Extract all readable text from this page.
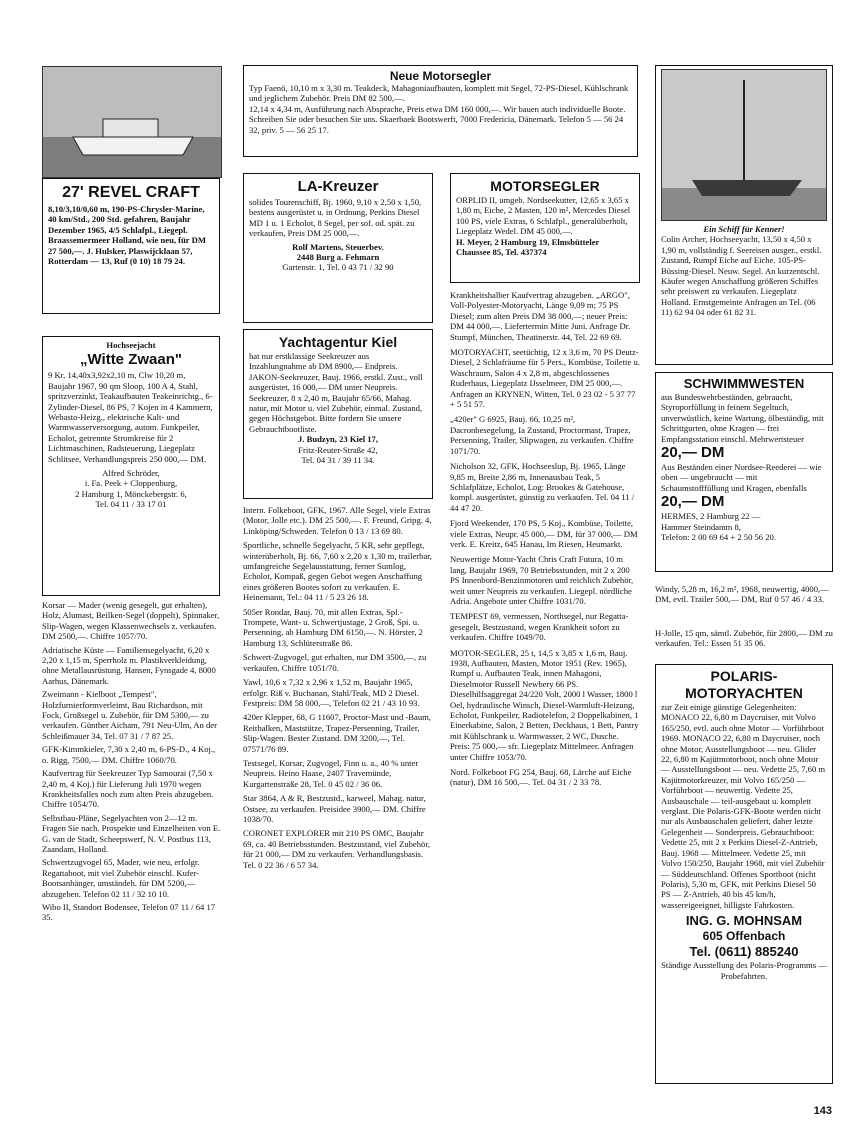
27' REVEL CRAFT

8,10/3,10/0,60 m, 190-PS-Chrysler-Marine, 40 km/Std., 200 Std. gefahren, Baujahr Dezember 1965, 4/5 Schlafpl., Liegepl. Braassemermeer Holland, wie neu, für DM 27 500,—. J. Hulsker, Plaswijcklaan 57, Rotterdam — 13, Ruf (0 10) 18 79 24.

Hochseejacht
„Witte Zwaan"

9 Kr, 14,40x3,92x2,10 m, Clw 10,20 m, Baujahr 1967, 90 qm Sloop, 100 A 4, Stahl, spritzverzinkt, Teakaufbauten Teakeinrichtg., 6-Zylinder-Diesel, 86 PS, 7 Kojen in 4 Kammern, Webasto-Heizg., elektrische Kalt- und Warmwasserversorgung, autom. Funkpeiler, Echolot, getrennte Stromkreise für 2 Lichtmaschinen, Radsteuerung, Liegeplatz Schlitsee, Verhandlungspreis 250 000,— DM.

Alfred Schröder,
i. Fa. Peek + Cloppenburg,
2 Hamburg 1, Mönckebergstr. 6,
Tel. 04 11 / 33 17 01

Korsar — Mader (wenig gesegelt, gut erhalten), Holz, Alumast, Beilken-Segel (doppelt), Spinnaker, Slip-Wagen, wegen Klassenwechsels z. verkaufen. DM 2500,—. Chiffre 1057/70.

Adriatische Küste — Familiensegelyacht, 6,20 x 2,20 x 1,15 m, Sperrholz m. Plastikverkleidung, ohne Metallausrüstung. Hansen, Fynsgade 4, 8000 Aarhus, Dänemark.

Zweimann - Kielboot „Tempest", Holzfurnierformverleimt, Bau Richardson, mit Fock, Großsegel u. Zubehör, für DM 5300,— zu verkaufen. Günther Aicham, 791 Neu-Ulm, An der Schleißmauer 34, Tel. 07 31 / 7 87 25.

GFK-Kimmkieler, 7,30 x 2,40 m, 6-PS-D., 4 Koj., o. Rigg, 7500,— DM. Chiffre 1060/70.

Kaufvertrag für Seekreuzer Typ Samourai (7,50 x 2,40 m, 4 Koj.) für Lieferung Juli 1970 wegen Krankheitsfalles noch zum alten Preis abzugeben. Chiffre 1054/70.

Selbstbau-Pläne, Segelyachten von 2—12 m. Fragen Sie nach. Prospekte und Einzelheiten von E. G. van de Stadt, Scheepswerf, N. V. Postbus 113, Zaandam, Holland.

Schwertzugvogel 65, Mader, wie neu, erfolgr. Regattaboot, mit viel Zubehör einschl. Kufer-Bootsanhänger, umständeh. für DM 5200,— abzugeben. Telefon 02 11 / 32 10 10.

Wibo II, Standort Bodensee, Telefon 07 11 / 64 17 35.

Neue Motorsegler

Typ Faenö, 10,10 m x 3,30 m. Teakdeck, Mahagoniaufbauten, komplett mit Segel, 72-PS-Diesel, Kühlschrank und jeglichem Zubehör. Preis DM 82 500,—.

12,14 x 4,34 m, Ausführung nach Absprache, Preis etwa DM 160 000,—. Wir bauen auch individuelle Boote. Schreiben Sie oder besuchen Sie uns. Skaerbaek Bootswerft, 7000 Fredericia, Dänemark. Telefon 5 — 56 24 32, priv. 5 — 56 25 17.

LA-Kreuzer

solides Tourenschiff, Bj. 1960, 9,10 x 2,50 x 1,50, bestens ausgerüstet u. in Ordnung, Perkins Diesel MD 1 u. 1 Echolot, 8 Segel, per sof. od. spät. zu verkaufen, Preis DM 25 000,—.

Rolf Martens, Steuerbev.
2448 Burg a. Fehmarn
Gartenstr. 1, Tel. 0 43 71 / 32 90
Yachtagentur Kiel

hat nur erstklassige Seekreuzer aus Inzahlungnahme ab DM 8900,— Endpreis.

JAKON-Seekreuzer, Bauj. 1966, erstkl. Zust., voll ausgerüstet, 16 000,— DM unter Neupreis.

Seekreuzer, 8 x 2,40 m, Baujahr 65/66, Mahag. natur, mit Motor u. viel Zubehör, einmal. Zustand, gegen Höchstgebot. Bitte fordern Sie unsere Gebrauchtbootliste.

J. Budzyn, 23 Kiel 17,
Fritz-Reuter-Straße 42,
Tel. 04 31 / 39 11 34.

Intern. Folkeboot, GFK, 1967. Alle Segel, viele Extras (Motor, Jolle etc.). DM 25 500,—. F. Freund, Gripg. 4, Linköping/Schweden. Telefon 0 13 / 13 69 80.

Sportliche, schnelle Segelyacht, 5 KR, sehr gepflegt, winterüberholt, Bj. 66, 7,60 x 2,20 x 1,30 m, trailerbar, umfangreiche Segelausstattung, ferner Sumlog, Echolot, Kompaß, gegen Gebot wegen Anschaffung eines größeren Bootes sofort zu verkaufen. E. Heinemann, Tel.: 04 11 / 5 23 26 18.

505er Rondar, Bauj. 70, mit allen Extras, Spl.-Trompete, Want- u. Schwertjustage, 2 Groß, Spi. u. Persenning, ab Hamburg DM 6150,—. N. Hörster, 2 Hamburg 13, Schlüterstraße 86.

Schwert-Zugvogel, gut erhalten, nur DM 3500,—, zu verkaufen. Chiffre 1051/70.

Yawl, 10,6 x 7,32 x 2,96 x 1,52 m, Baujahr 1965, erfolgr. Riß v. Buchanan, Stahl/Teak, MD 2 Diesel. Festpreis: DM 58 000,—, Telefon 02 21 / 43 10 93.

420er Klepper, 68, G 11607, Proctor-Mast und -Baum, Reitbalken, Maststütze, Trapez-Persenning, Trailer, Slip-Wagen. Bester Zustand. DM 3200,—, Tel. 07571/76 89.

Testsegel, Korsar, Zugvogel, Finn u. a., 40 % unter Neupreis. Heino Haase, 2407 Travemünde, Kurgartenstraße 28, Tel. 0 45 02 / 36 06.

Star 3864, A & R, Bestzustd., karweel, Mahag. natur, Ostsee, zu verkaufen. Preisidee 3900,— DM. Chiffre 1038/70.

CORONET EXPLORER mit 210 PS OMC, Baujahr 69, ca. 40 Betriebsstunden. Bestzustand, viel Zubehör, für 21 000,— DM zu verkaufen. Verhandlungsbasis. Tel. 0 22 36 / 6 57 34.

MOTORSEGLER

ORPLID II, umgeb. Nordseekutter, 12,65 x 3,65 x 1,80 m, Eiche, 2 Masten, 120 m², Mercedes Diesel 100 PS, viele Extras, 6 Schlafpl., generalüberholt, Liegeplatz Wedel. DM 45 000,—.

H. Meyer, 2 Hamburg 19, Elmsbütteler Chaussee 85, Tel. 437374

Krankheitshalber Kaufvertrag abzugeben. „ARGO", Voll-Polyester-Motoryacht, Länge 9,09 m; 75 PS Diesel; zum alten Preis DM 38 000,—; neuer Preis: DM 44 000,—. Liefertermin Mitte Juni. Anfrage Dr. Stumpf, München, Theatinerstr. 44, Tel. 22 69 69.

MOTORYACHT, seetüchtig, 12 x 3,6 m, 70 PS Deutz-Diesel, 2 Schlafräume für 5 Pers., Kombüse, Toilette u. Waschraum, Salon 4 x 2,8 m, abgeschlossenes Ruderhaus, Liegeplatz IJsselmeer, DM 25 000,—. Anfragen an KRYNEN, Witten, Tel. 0 23 02 - 5 37 77 + 5 51 57.

„420er" G 6925, Bauj. 66, 10,25 m², Dacronbesegelung, Ia Zustand, Proctormast, Trapez, Persenning, Trailer, Slipwagen, zu verkaufen. Chiffre 1071/70.

Nicholson 32, GFK, Hochseeslup, Bj. 1965, Länge 9,85 m, Breite 2,86 m, Innenausbau Teak, 5 Schlafplätze, Echolot, Log: Brookes & Gatehouse, kompl. ausgerüstet, günstig zu verkaufen. Tel. 04 11 / 44 47 20.

Fjord Weekender, 170 PS, 5 Koj., Kombüse, Toilette, viele Extras, Neupr. 45 000,— DM, für 37 000,— DM verk. E. Kreitz, 645 Hanau, Im Riesen, Heumarkt.

Neuwertige Motor-Yacht Chris Craft Futura, 10 m lang, Baujahr 1969, 70 Betriebsstunden, mit 2 x 200 PS Innenbord-Benzinmotoren und reichlich Zubehör, weit unter Neupreis zu verkaufen. Liegepl. nördliche Adria. Angebote unter Chiffre 1031/70.

TEMPEST 69, vermessen, Northsegel, nur Regatta-gesegelt, Bestzustand, wegen Krankheit sofort zu verkaufen. Chiffre 1049/70.

MOTOR-SEGLER, 25 t, 14,5 x 3,85 x 1,6 m, Bauj. 1938, Aufbauten, Masten, Motor 1951 (Rev. 1965), Rumpf u. Aufbauten Teak, innen Mahagoni, Dieselmotor Russell Newbery 66 PS. Dieselhilfsaggregat 24/220 Volt, 2000 l Wasser, 1800 l Oel, hydraulische Winsch, Diesel-Warmluft-Heizung, Echolot, Funkpeiler, Radiotelefon, 2 Doppelkabinen, 1 Einerkabine, Salon, 2 Betten, Deckhaus, 1 Bett, Pantry mit Kühlschrank u. Warmwasser, 2 WC, Dusche. Preis: 75 000,— sfr. Liegeplatz Mittelmeer. Anfragen unter Chiffre 1053/70.

Nord. Folkeboot FG 254, Bauj. 68, Lärche auf Eiche (natur), DM 16 500,—. Tel. 04 31 / 2 33 78.

Ein Schiff für Kenner!

Colin Archer, Hochseeyacht, 13,50 x 4,50 x 1,90 m, vollständig f. Seereisen ausger., erstkl. Zustand, Rumpf Eiche auf Eiche. 105-PS-Büssing-Diesel. Neuw. Segel. An kurzentschl. Käufer wegen Anschaffung größeren Schiffes sehr preiswert zu verkaufen. Liegeplatz Holland. Ernstgemeinte Anfragen an Tel. (06 11) 62 94 04 oder 61 82 31.

SCHWIMMWESTEN

aus Bundeswehrbeständen, gebraucht, Styroporfüllung in feinem Segeltuch, unverwüstlich, keine Wartung, ölbeständig, mit Schrittgurten, ohne Kragen — frei Empfangsstation einschl. Mehrwertsteuer

20,— DM

Aus Beständen einer Nordsee-Reederei — wie oben — ungebraucht — mit Schaumstofffüllung und Kragen, ebenfalls

20,— DM
HERMES, 2 Hamburg 22 —
Hammer Steindamm 8,
Telefon: 2 00 69 64 + 2 50 56 20.

Windy, 5,28 m, 16,2 m², 1968, neuwertig, 4000,— DM, evtl. Trailer 500,— DM, Ruf 0 57 46 / 4 33.

H-Jolle, 15 qm, sämtl. Zubehör, für 2800,— DM zu verkaufen. Tel.: Essen 51 35 06.

POLARIS-MOTORYACHTEN

zur Zeit einige günstige Gelegenheiten: MONACO 22, 6,80 m Daycruiser, mit Volvo 165/250, evtl. auch ohne Motor — Vorführboot 1969. MONACO 22, 6,80 m Daycruiser, noch ohne Motor, Ausstellungsboot — neu. Glider 22, 6,80 m Kajütmotorboot, noch ohne Motor — Ausstellungsboot — neu. Vedette 25, 7,60 m Kajütmotorkreuzer, mit Volvo 165/250 — Vorführboot — neuwertig. Vedette 25, Ausbauschale — teil-ausgebaut u. komplett verglast. Die Polaris-GFK-Boote werden nicht nur als Ausbauschalen geliefert, daher letzte Gelegenheit — Sonderpreis. Gebrauchtboot: Vedette 25, mit 2 x Perkins Diesel-Z-Antrieb, Bauj. 1968 — Mittelmeer. Vedette 25, mit Volvo 150/250, Baujahr 1968, mit viel Zubehör — Süddeutschland. Offenes Sportboot (nicht Polaris), 5,30 m, GFK, mit Perkins Diesel 50 PS — Z-Antrieb, 40 bis 45 km/h, wassereigeeignet, billigste Fahrkosten.

ING. G. MOHNSAM
605 Offenbach
Tel. (0611) 885240

Ständige Ausstellung des Polaris-Programms — Probefahrten.

143
